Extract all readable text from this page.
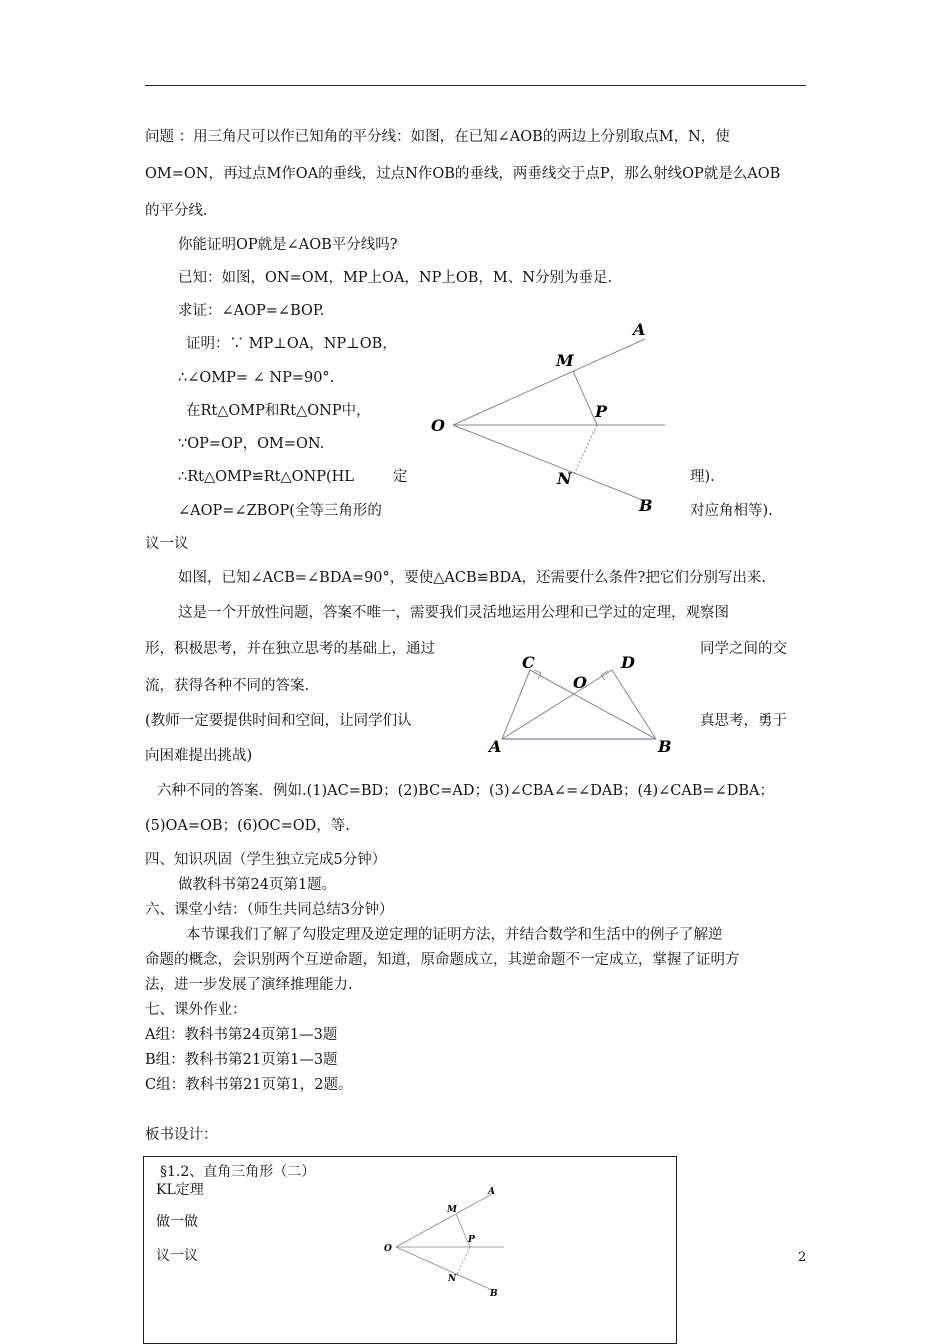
问题 ：用三角尺可以作已知角的平分线：如图，在已知∠AOB的两边上分别取点M，N，使
OM=ON，再过点M作OA的垂线，过点N作OB的垂线，两垂线交于点P，那么射线OP就是么AOB
的平分线.
你能证明OP就是∠AOB平分线吗?
已知：如图，ON=OM，MP上OA，NP上OB，M、N分别为垂足.
求证：∠AOP=∠BOP.
证明：∵ MP⊥OA，NP⊥OB，
∴∠OMP= ∠ NP=90°.
在Rt△OMP和Rt△ONP中，
∵OP=OP，OM=ON.
∴Rt△OMP≌Rt△ONP(HL	定	理).
∠AOP=∠ZBOP(全等三角形的	对应角相等).
议一议
如图，已知∠ACB=∠BDA=90°，要使△ACB≌BDA，还需要什么条件?把它们分别写出来.
这是一个开放性问题，答案不唯一，需要我们灵活地运用公理和已学过的定理，观察图
形，积极思考，并在独立思考的基础上，通过	同学之间的交
流，获得各种不同的答案.
(教师一定要提供时间和空间，让同学们认	真思考，勇于
向困难提出挑战)
六种不同的答案．例如.(1)AC=BD；(2)BC=AD；(3)∠CBA∠=∠DAB；(4)∠CAB=∠DBA；
(5)OA=OB；(6)OC=OD，等.
四、知识巩固（学生独立完成5分钟）
做教科书第24页第1题。
六、课堂小结：（师生共同总结3分钟）
本节课我们了解了勾股定理及逆定理的证明方法，并结合数学和生活中的例子了解逆
命题的概念，会识别两个互逆命题，知道，原命题成立，其逆命题不一定成立，掌握了证明方
法，进一步发展了演绎推理能力.
七、课外作业：
A组：教科书第24页第1—3题
B组：教科书第21页第1—3题
C组：教科书第21页第1，2题。
板书设计：
A
M
P
O
N
B
C	D
O
A	B
2
§1.2、直角三角形（二）
KL定理
做一做
议一议
A
M
P
O
N
B
